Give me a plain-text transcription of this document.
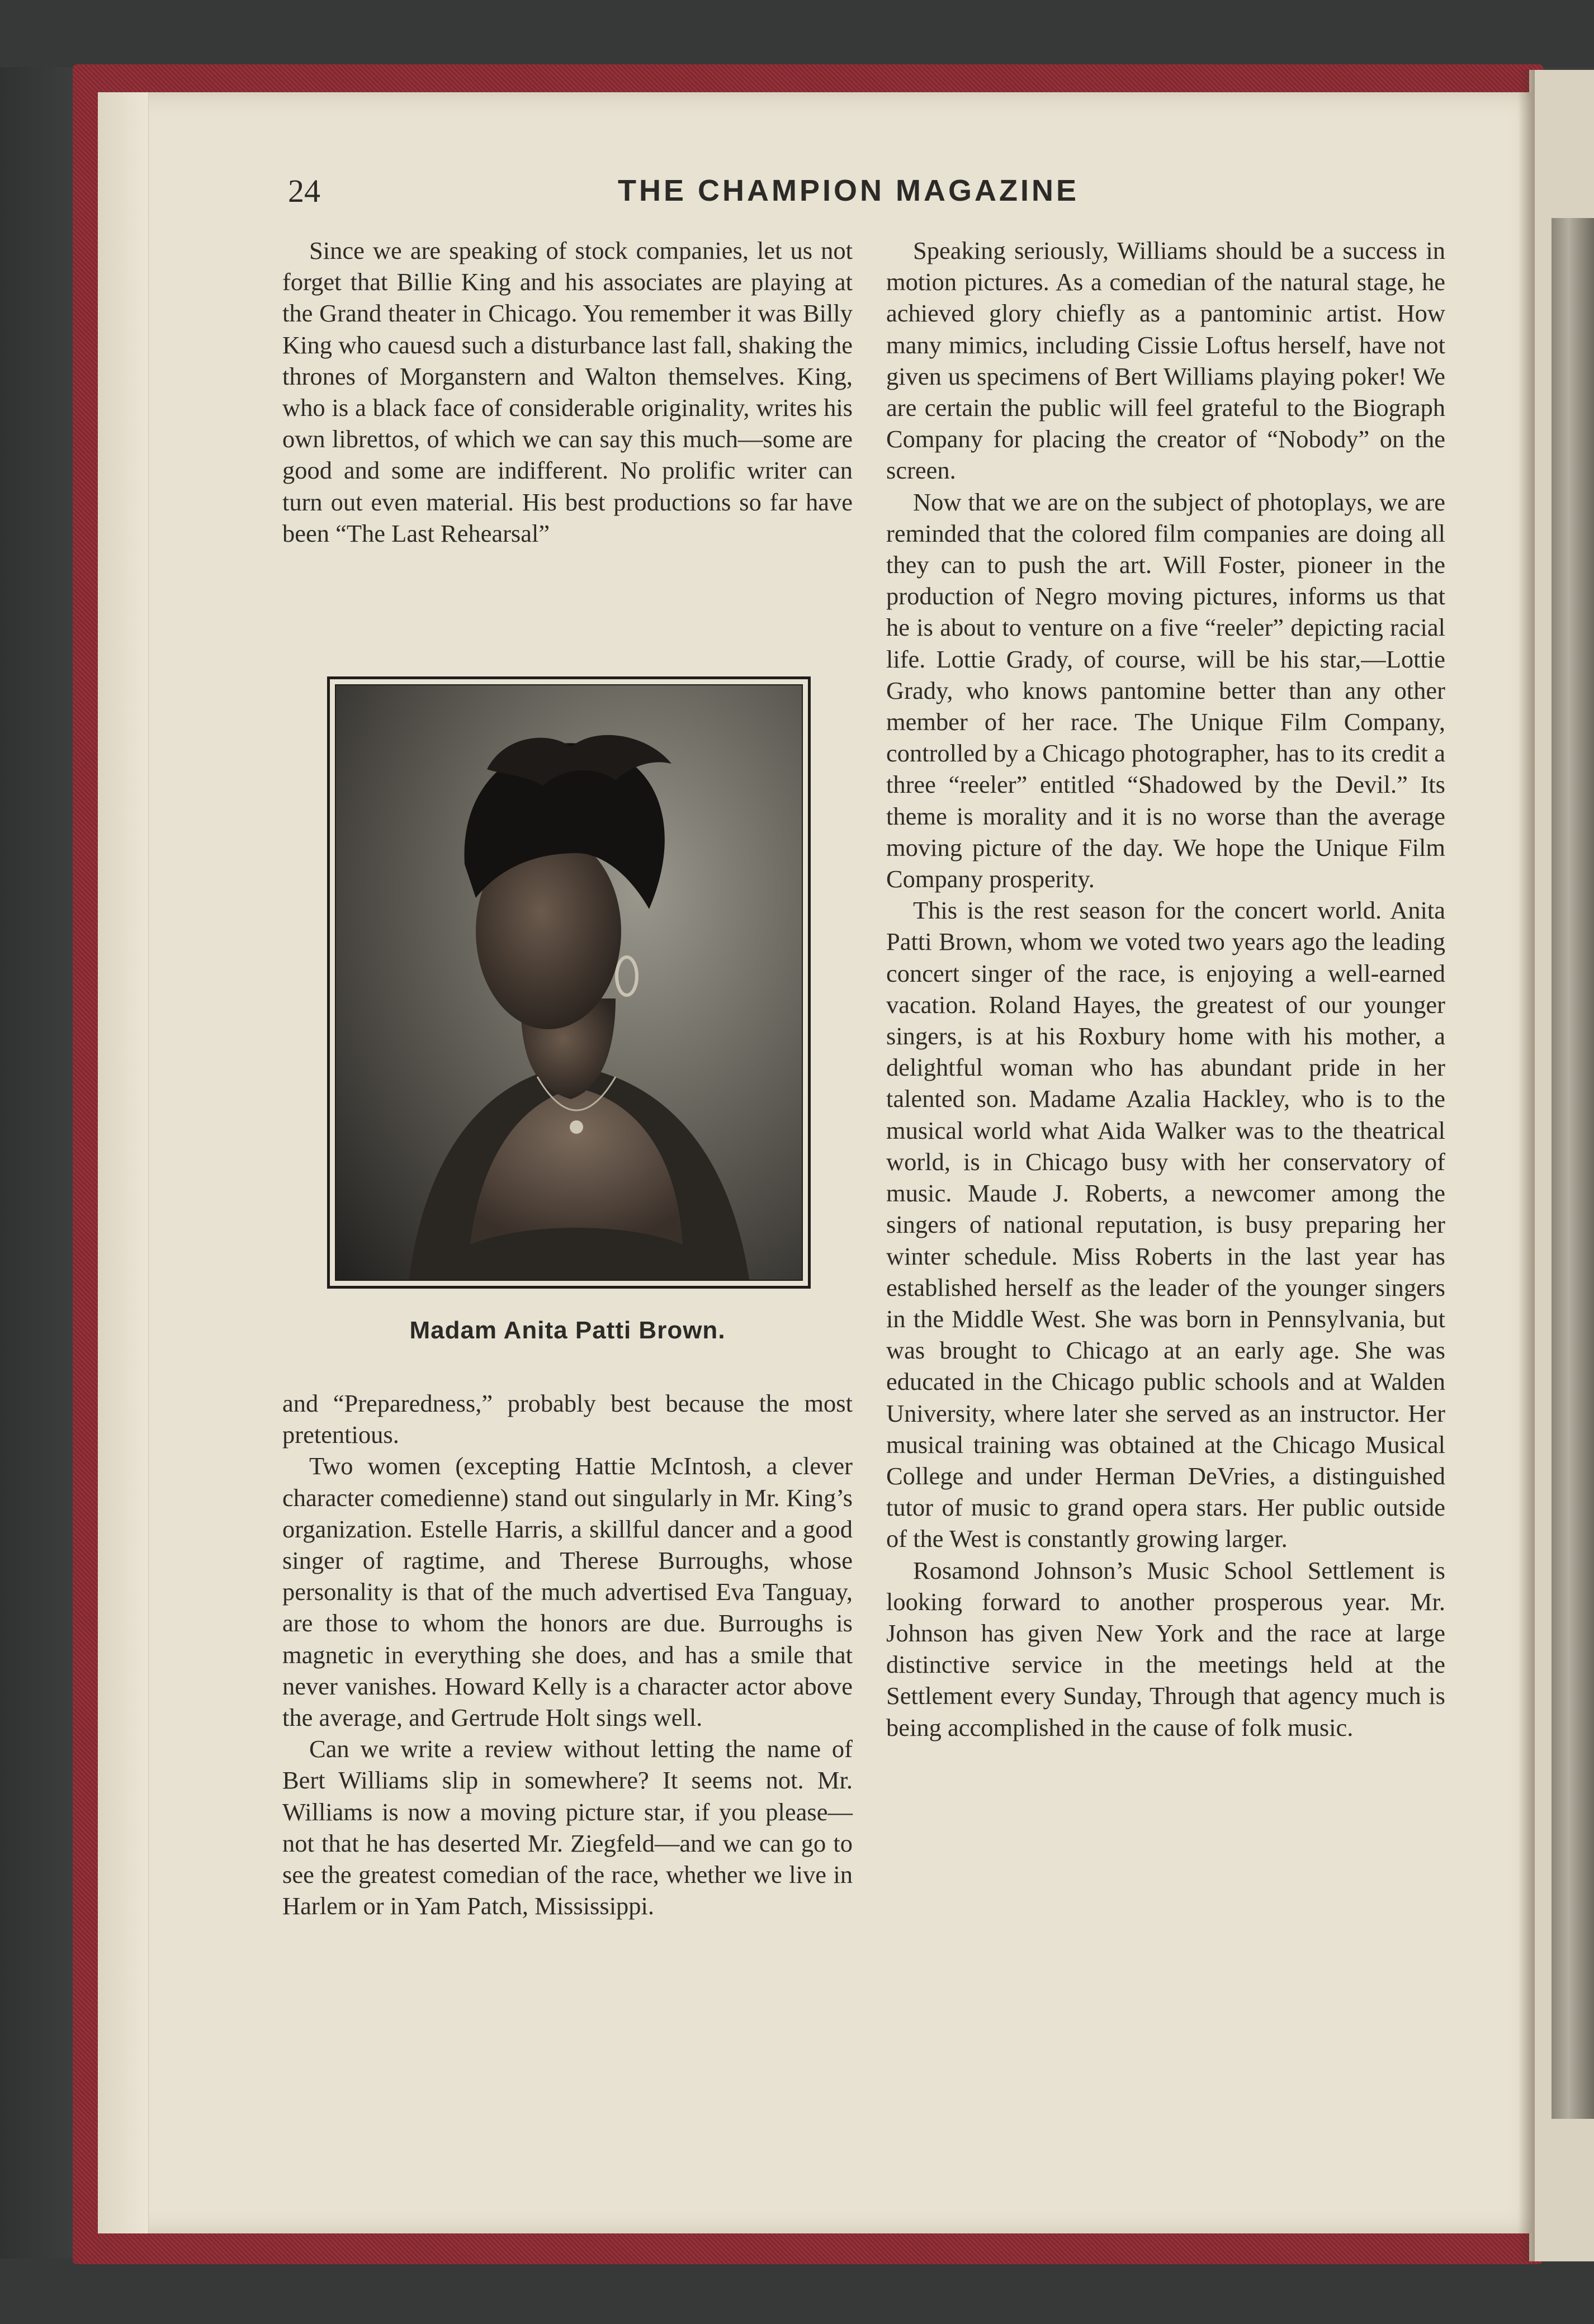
24	THE CHAMPION MAGAZINE

Since we are speaking of stock companies, let us not forget that Billie King and his associates are playing at the Grand theater in Chicago. You remember it was Billy King who cauesd such a disturbance last fall, shaking the thrones of Morganstern and Walton themselves. King, who is a black face of considerable originality, writes his own librettos, of which we can say this much—some are good and some are indifferent. No prolific writer can turn out even material. His best productions so far have been “The Last Rehearsal”

Madam Anita Patti Brown.

and “Preparedness,” probably best because the most pretentious.

Two women (excepting Hattie McIntosh, a clever character comedienne) stand out singularly in Mr. King’s organization. Estelle Harris, a skillful dancer and a good singer of ragtime, and Therese Burroughs, whose personality is that of the much advertised Eva Tanguay, are those to whom the honors are due. Burroughs is magnetic in everything she does, and has a smile that never vanishes. Howard Kelly is a character actor above the average, and Gertrude Holt sings well.

Can we write a review without letting the name of Bert Williams slip in somewhere? It seems not. Mr. Williams is now a moving picture star, if you please—not that he has deserted Mr. Ziegfeld—and we can go to see the greatest comedian of the race, whether we live in Harlem or in Yam Patch, Mississippi.

Speaking seriously, Williams should be a success in motion pictures. As a comedian of the natural stage, he achieved glory chiefly as a pantominic artist. How many mimics, including Cissie Loftus herself, have not given us specimens of Bert Williams playing poker! We are certain the public will feel grateful to the Biograph Company for placing the creator of “Nobody” on the screen.

Now that we are on the subject of photoplays, we are reminded that the colored film companies are doing all they can to push the art. Will Foster, pioneer in the production of Negro moving pictures, informs us that he is about to venture on a five “reeler” depicting racial life. Lottie Grady, of course, will be his star,—Lottie Grady, who knows pantomine better than any other member of her race. The Unique Film Company, controlled by a Chicago photographer, has to its credit a three “reeler” entitled “Shadowed by the Devil.” Its theme is morality and it is no worse than the average moving picture of the day. We hope the Unique Film Company prosperity.

This is the rest season for the concert world. Anita Patti Brown, whom we voted two years ago the leading concert singer of the race, is enjoying a well-earned vacation. Roland Hayes, the greatest of our younger singers, is at his Roxbury home with his mother, a delightful woman who has abundant pride in her talented son. Madame Azalia Hackley, who is to the musical world what Aida Walker was to the theatrical world, is in Chicago busy with her conservatory of music. Maude J. Roberts, a newcomer among the singers of national reputation, is busy preparing her winter schedule. Miss Roberts in the last year has established herself as the leader of the younger singers in the Middle West. She was born in Pennsylvania, but was brought to Chicago at an early age. She was educated in the Chicago public schools and at Walden University, where later she served as an instructor. Her musical training was obtained at the Chicago Musical College and under Herman DeVries, a distinguished tutor of music to grand opera stars. Her public outside of the West is constantly growing larger.

Rosamond Johnson’s Music School Settlement is looking forward to another prosperous year. Mr. Johnson has given New York and the race at large distinctive service in the meetings held at the Settlement every Sunday, Through that agency much is being accomplished in the cause of folk music.
